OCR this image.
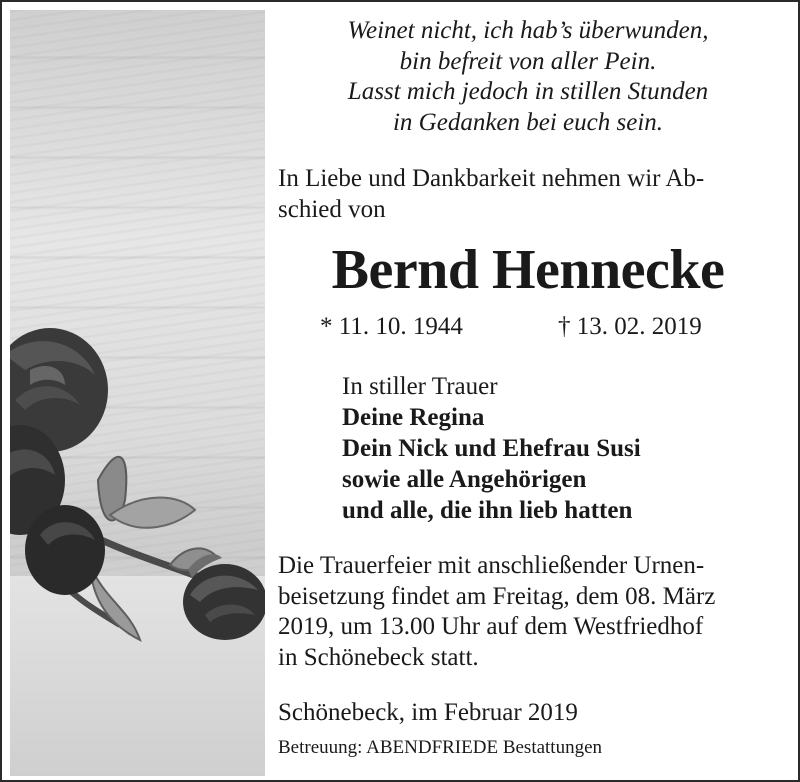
Weinet nicht, ich hab’s überwunden,
bin befreit von aller Pein.
Lasst mich jedoch in stillen Stunden
in Gedanken bei euch sein.
In Liebe und Dankbarkeit nehmen wir Ab-
schied von
Bernd Hennecke
* 11. 10. 1944	† 13. 02. 2019
In stiller Trauer
Deine Regina
Dein Nick und Ehefrau Susi
sowie alle Angehörigen
und alle, die ihn lieb hatten
Die Trauerfeier mit anschließender Urnen-
beisetzung findet am Freitag, dem 08. März
2019, um 13.00 Uhr auf dem Westfriedhof
in Schönebeck statt.
Schönebeck, im Februar 2019
Betreuung: ABENDFRIEDE Bestattungen
